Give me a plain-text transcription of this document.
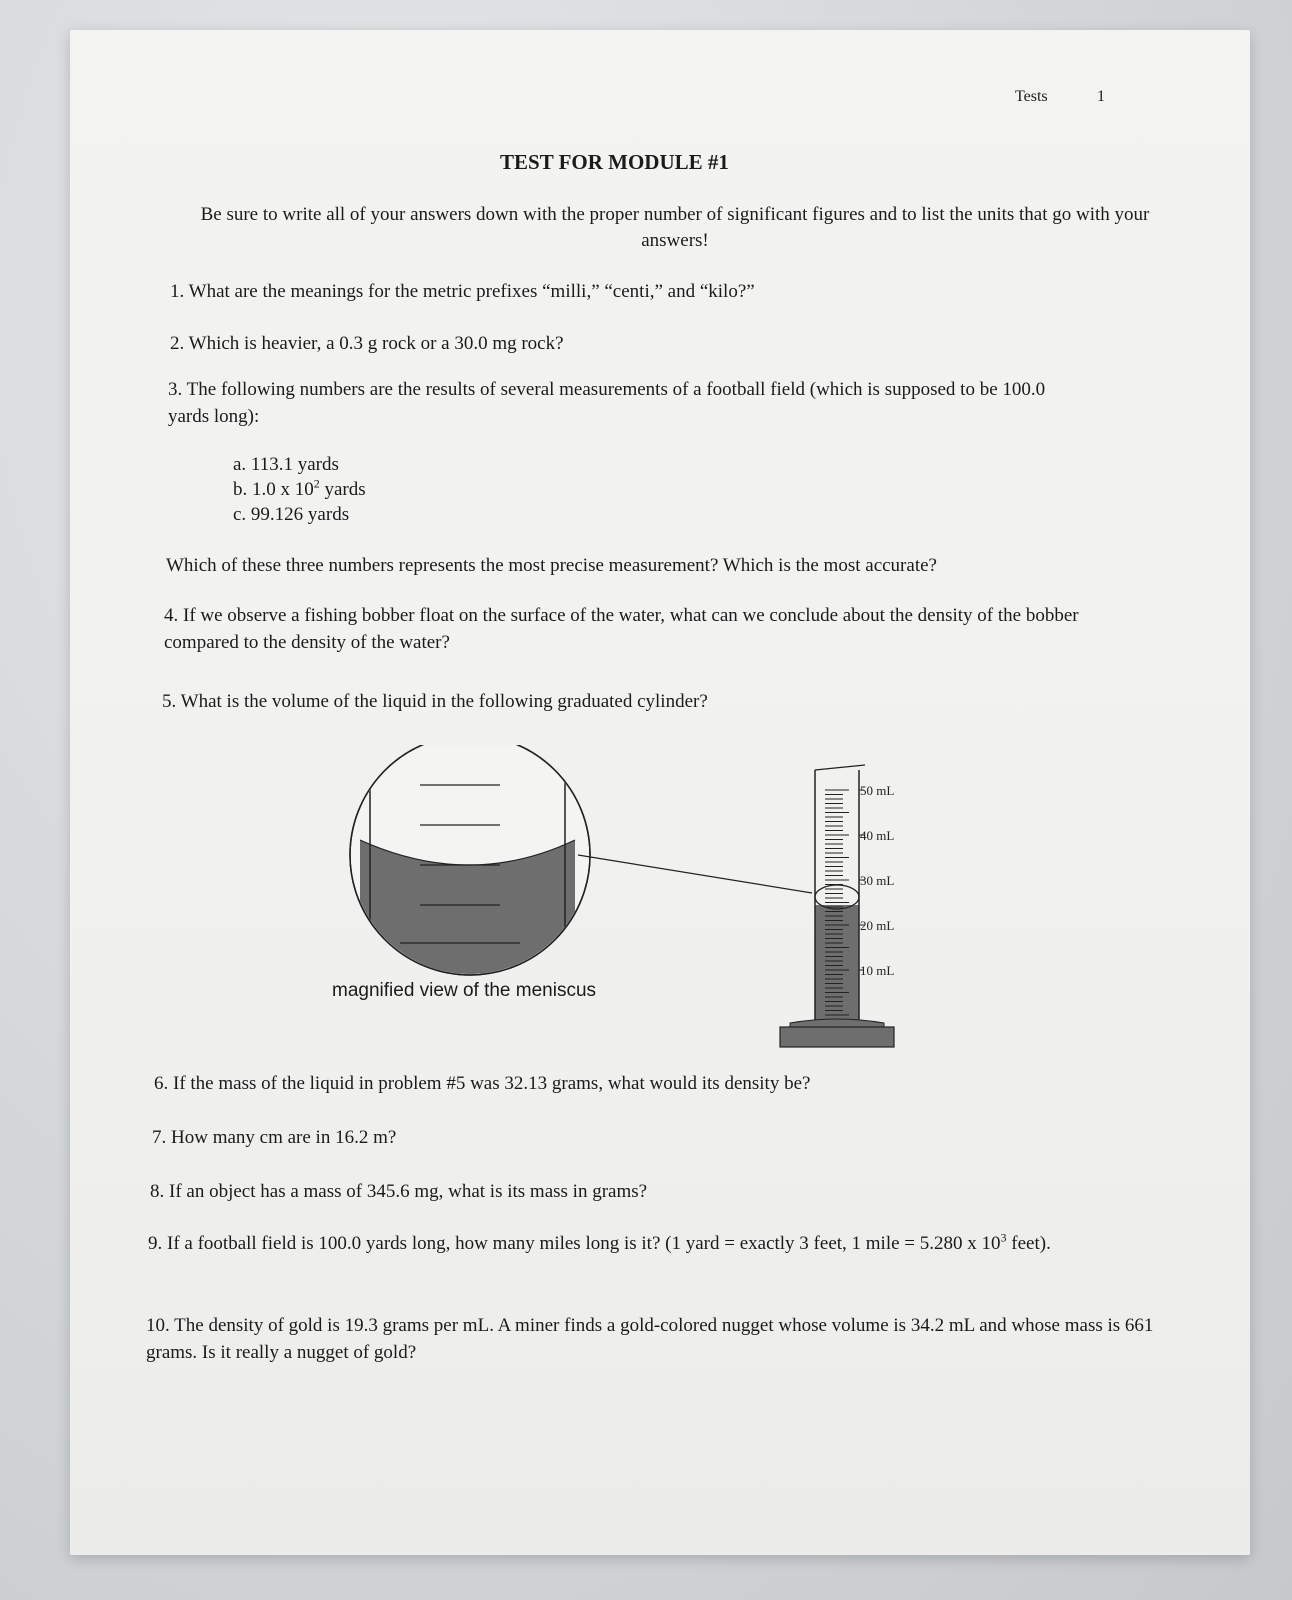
Tests	1
TEST FOR MODULE #1
Be sure to write all of your answers down with the proper number of significant figures and to list the units that go with your answers!
1. What are the meanings for the metric prefixes “milli,” “centi,” and “kilo?”
2. Which is heavier, a 0.3 g rock or a 30.0 mg rock?
3. The following numbers are the results of several measurements of a football field (which is supposed to be 100.0 yards long):
a. 113.1 yards
b. 1.0 x $10^2$ yards
c. 99.126 yards
Which of these three numbers represents the most precise measurement? Which is the most accurate?
4. If we observe a fishing bobber float on the surface of the water, what can we conclude about the density of the bobber compared to the density of the water?
5. What is the volume of the liquid in the following graduated cylinder?
50 mL
40 mL
30 mL
20 mL
10 mL
magnified view of the meniscus
6. If the mass of the liquid in problem #5 was 32.13 grams, what would its density be?
7. How many cm are in 16.2 m?
8. If an object has a mass of 345.6 mg, what is its mass in grams?
9. If a football field is 100.0 yards long, how many miles long is it? (1 yard = exactly 3 feet, 1 mile = 5.280 x $10^3$ feet).
10. The density of gold is 19.3 grams per mL. A miner finds a gold-colored nugget whose volume is 34.2 mL and whose mass is 661 grams. Is it really a nugget of gold?
